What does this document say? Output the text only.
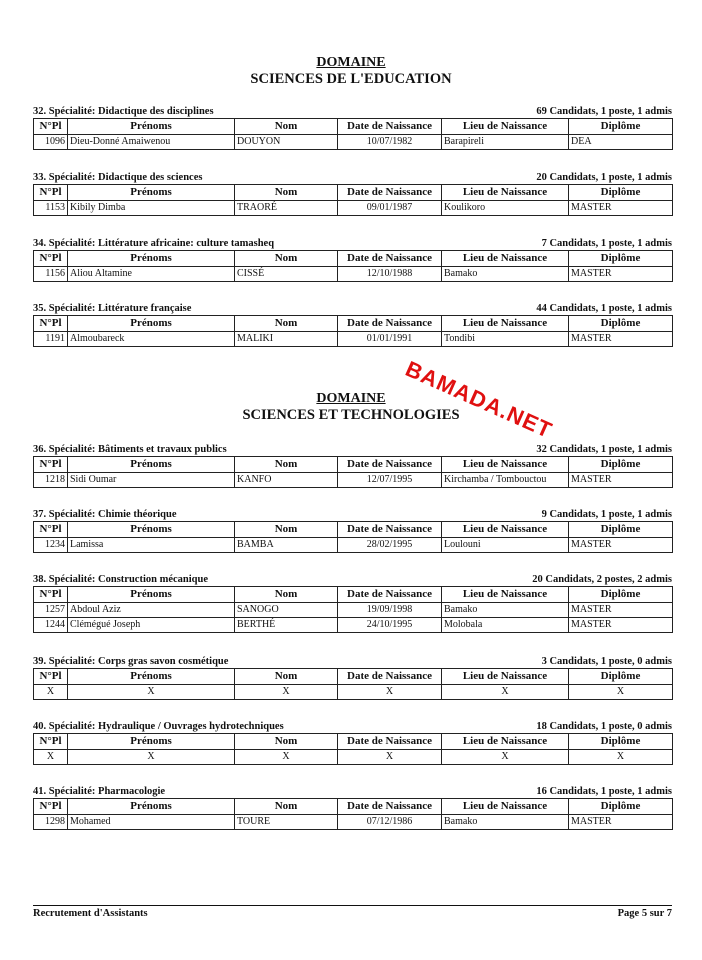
DOMAINE
SCIENCES DE L'EDUCATION
DOMAINE
SCIENCES ET TECHNOLOGIES
32. Spécialité: Didactique des disciplines	69 Candidats, 1 poste, 1 admis
N°Pl	Prénoms	Nom	Date de Naissance	Lieu de Naissance	Diplôme
1096	Dieu-Donné Amaiwenou	DOUYON	10/07/1982	Barapireli	DEA
33. Spécialité: Didactique des sciences	20 Candidats, 1 poste, 1 admis
N°Pl	Prénoms	Nom	Date de Naissance	Lieu de Naissance	Diplôme
1153	Kibily Dimba	TRAORÉ	09/01/1987	Koulikoro	MASTER
34. Spécialité: Littérature africaine: culture tamasheq	7 Candidats, 1 poste, 1 admis
N°Pl	Prénoms	Nom	Date de Naissance	Lieu de Naissance	Diplôme
1156	Aliou Altamine	CISSÉ	12/10/1988	Bamako	MASTER
35. Spécialité: Littérature française	44 Candidats, 1 poste, 1 admis
N°Pl	Prénoms	Nom	Date de Naissance	Lieu de Naissance	Diplôme
1191	Almoubareck	MALIKI	01/01/1991	Tondibi	MASTER
36. Spécialité: Bâtiments et travaux publics	32 Candidats, 1 poste, 1 admis
N°Pl	Prénoms	Nom	Date de Naissance	Lieu de Naissance	Diplôme
1218	Sidi Oumar	KANFO	12/07/1995	Kirchamba / Tombouctou	MASTER
37. Spécialité: Chimie théorique	9 Candidats, 1 poste, 1 admis
N°Pl	Prénoms	Nom	Date de Naissance	Lieu de Naissance	Diplôme
1234	Lamissa	BAMBA	28/02/1995	Loulouni	MASTER
38. Spécialité: Construction mécanique	20 Candidats, 2 postes, 2 admis
N°Pl	Prénoms	Nom	Date de Naissance	Lieu de Naissance	Diplôme
1257	Abdoul Aziz	SANOGO	19/09/1998	Bamako	MASTER
1244	Clémégué Joseph	BERTHÉ	24/10/1995	Molobala	MASTER
39. Spécialité: Corps gras savon cosmétique	3 Candidats, 1 poste, 0 admis
N°Pl	Prénoms	Nom	Date de Naissance	Lieu de Naissance	Diplôme
X	X	X	X	X	X
40. Spécialité: Hydraulique / Ouvrages hydrotechniques	18 Candidats, 1 poste, 0 admis
N°Pl	Prénoms	Nom	Date de Naissance	Lieu de Naissance	Diplôme
X	X	X	X	X	X
41. Spécialité: Pharmacologie	16 Candidats, 1 poste, 1 admis
N°Pl	Prénoms	Nom	Date de Naissance	Lieu de Naissance	Diplôme
1298	Mohamed	TOURE	07/12/1986	Bamako	MASTER
BAMADA.NET
Recrutement d'Assistants	Page 5 sur 7
